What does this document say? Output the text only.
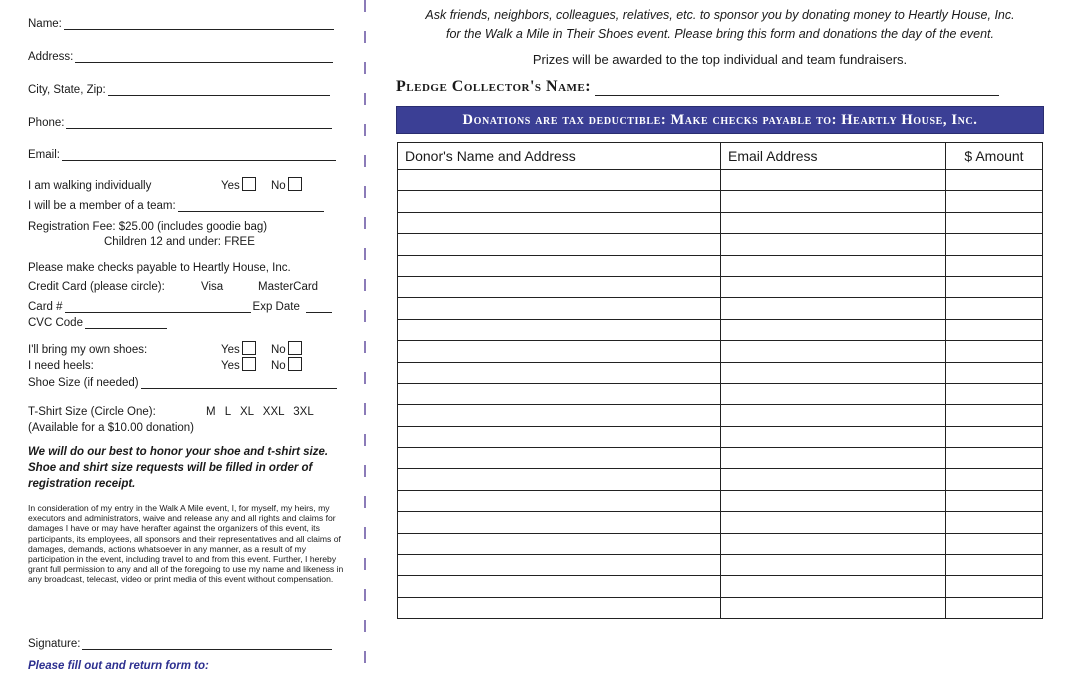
Name:
Address:
City, State, Zip:
Phone:
Email:
I am walking individually	Yes	No
I will be a member of a team:
Registration Fee: $25.00 (includes goodie bag)
Children 12 and under: FREE
Please make checks payable to Heartly House, Inc.
Credit Card (please circle):	Visa	MasterCard
Card #	Exp Date
CVC Code
I'll bring my own shoes:	Yes	No
I need heels:	Yes	No
Shoe Size (if needed)
T-Shirt Size (Circle One):	M L XL XXL 3XL
(Available for a $10.00 donation)
We will do our best to honor your shoe and t-shirt size.
Shoe and shirt size requests will be filled in order of
registration receipt.
In consideration of my entry in the Walk A Mile event, I, for myself, my heirs, my executors and administrators, waive and release any and all rights and claims for damages I have or may have herafter against the organizers of this event, its participants, its employees, all sponsors and their representatives and all claims of damages, demands, actions whatsoever in any manner, as a result of my participation in the event, including travel to and from this event. Further, I hereby grant full permission to any and all of the foregoing to use my name and likeness in any broadcast, telecast, video or print media of this event without compensation.
Signature:
Please fill out and return form to:
Ask friends, neighbors, colleagues, relatives, etc. to sponsor you by donating money to Heartly House, Inc.
for the Walk a Mile in Their Shoes event. Please bring this form and donations the day of the event.
Prizes will be awarded to the top individual and team fundraisers.
Pledge Collector's Name:
Donations are tax deductible: Make checks payable to: Heartly House, Inc.
Donor's Name and Address	Email Address	$ Amount
